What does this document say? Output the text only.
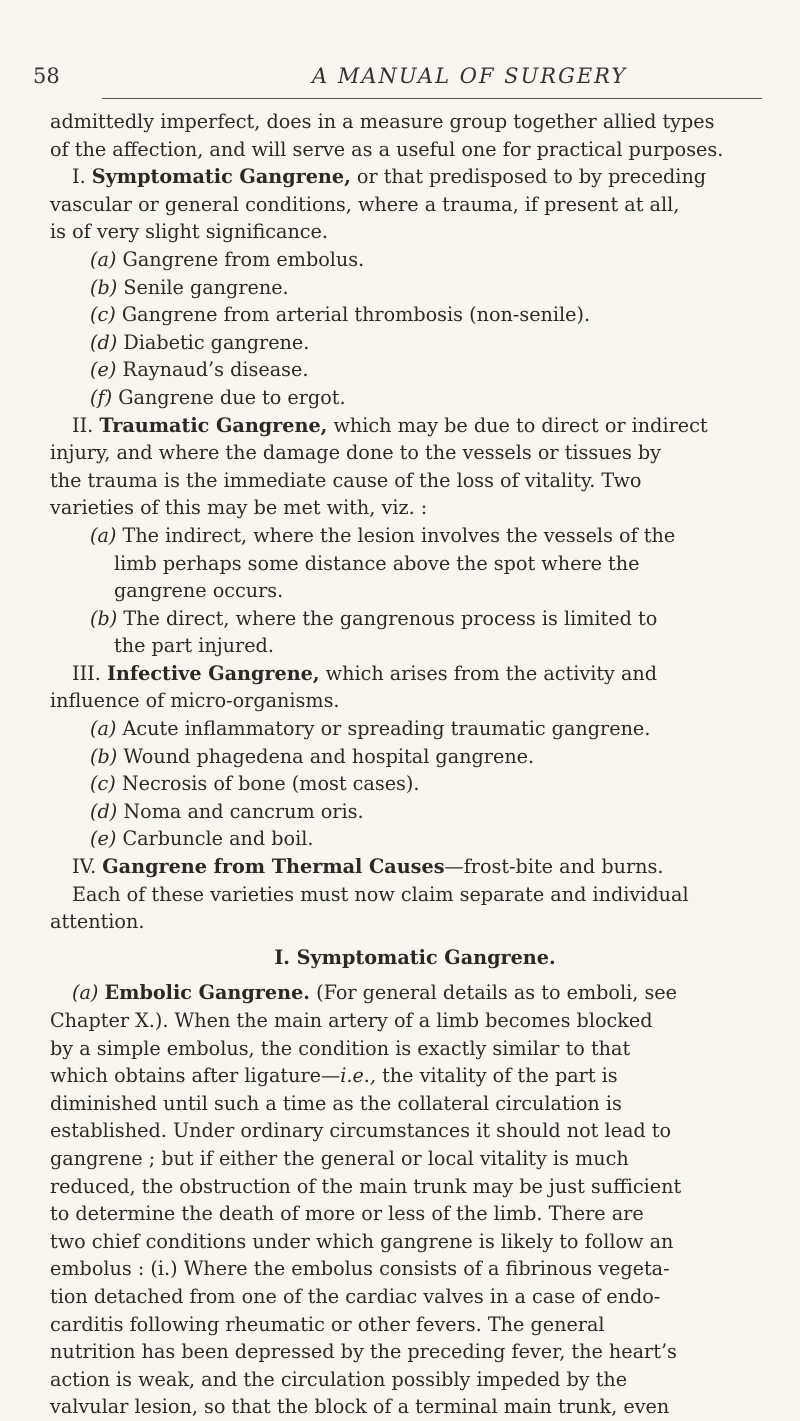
58	A MANUAL OF SURGERY
admittedly imperfect, does in a measure group together allied types
of the affection, and will serve as a useful one for practical purposes.
I. Symptomatic Gangrene, or that predisposed to by preceding
vascular or general conditions, where a trauma, if present at all,
is of very slight significance.
(a) Gangrene from embolus.
(b) Senile gangrene.
(c) Gangrene from arterial thrombosis (non-senile).
(d) Diabetic gangrene.
(e) Raynaud’s disease.
(f) Gangrene due to ergot.
II. Traumatic Gangrene, which may be due to direct or indirect
injury, and where the damage done to the vessels or tissues by
the trauma is the immediate cause of the loss of vitality. Two
varieties of this may be met with, viz. :
(a) The indirect, where the lesion involves the vessels of the
limb perhaps some distance above the spot where the
gangrene occurs.
(b) The direct, where the gangrenous process is limited to
the part injured.
III. Infective Gangrene, which arises from the activity and
influence of micro-organisms.
(a) Acute inflammatory or spreading traumatic gangrene.
(b) Wound phagedena and hospital gangrene.
(c) Necrosis of bone (most cases).
(d) Noma and cancrum oris.
(e) Carbuncle and boil.
IV. Gangrene from Thermal Causes—frost-bite and burns.
Each of these varieties must now claim separate and individual
attention.
I. Symptomatic Gangrene.
(a) Embolic Gangrene. (For general details as to emboli, see
Chapter X.). When the main artery of a limb becomes blocked
by a simple embolus, the condition is exactly similar to that
which obtains after ligature—i.e., the vitality of the part is
diminished until such a time as the collateral circulation is
established. Under ordinary circumstances it should not lead to
gangrene ; but if either the general or local vitality is much
reduced, the obstruction of the main trunk may be just sufficient
to determine the death of more or less of the limb. There are
two chief conditions under which gangrene is likely to follow an
embolus : (i.) Where the embolus consists of a fibrinous vegeta-
tion detached from one of the cardiac valves in a case of endo-
carditis following rheumatic or other fevers. The general
nutrition has been depressed by the preceding fever, the heart’s
action is weak, and the circulation possibly impeded by the
valvular lesion, so that the block of a terminal main trunk, even
